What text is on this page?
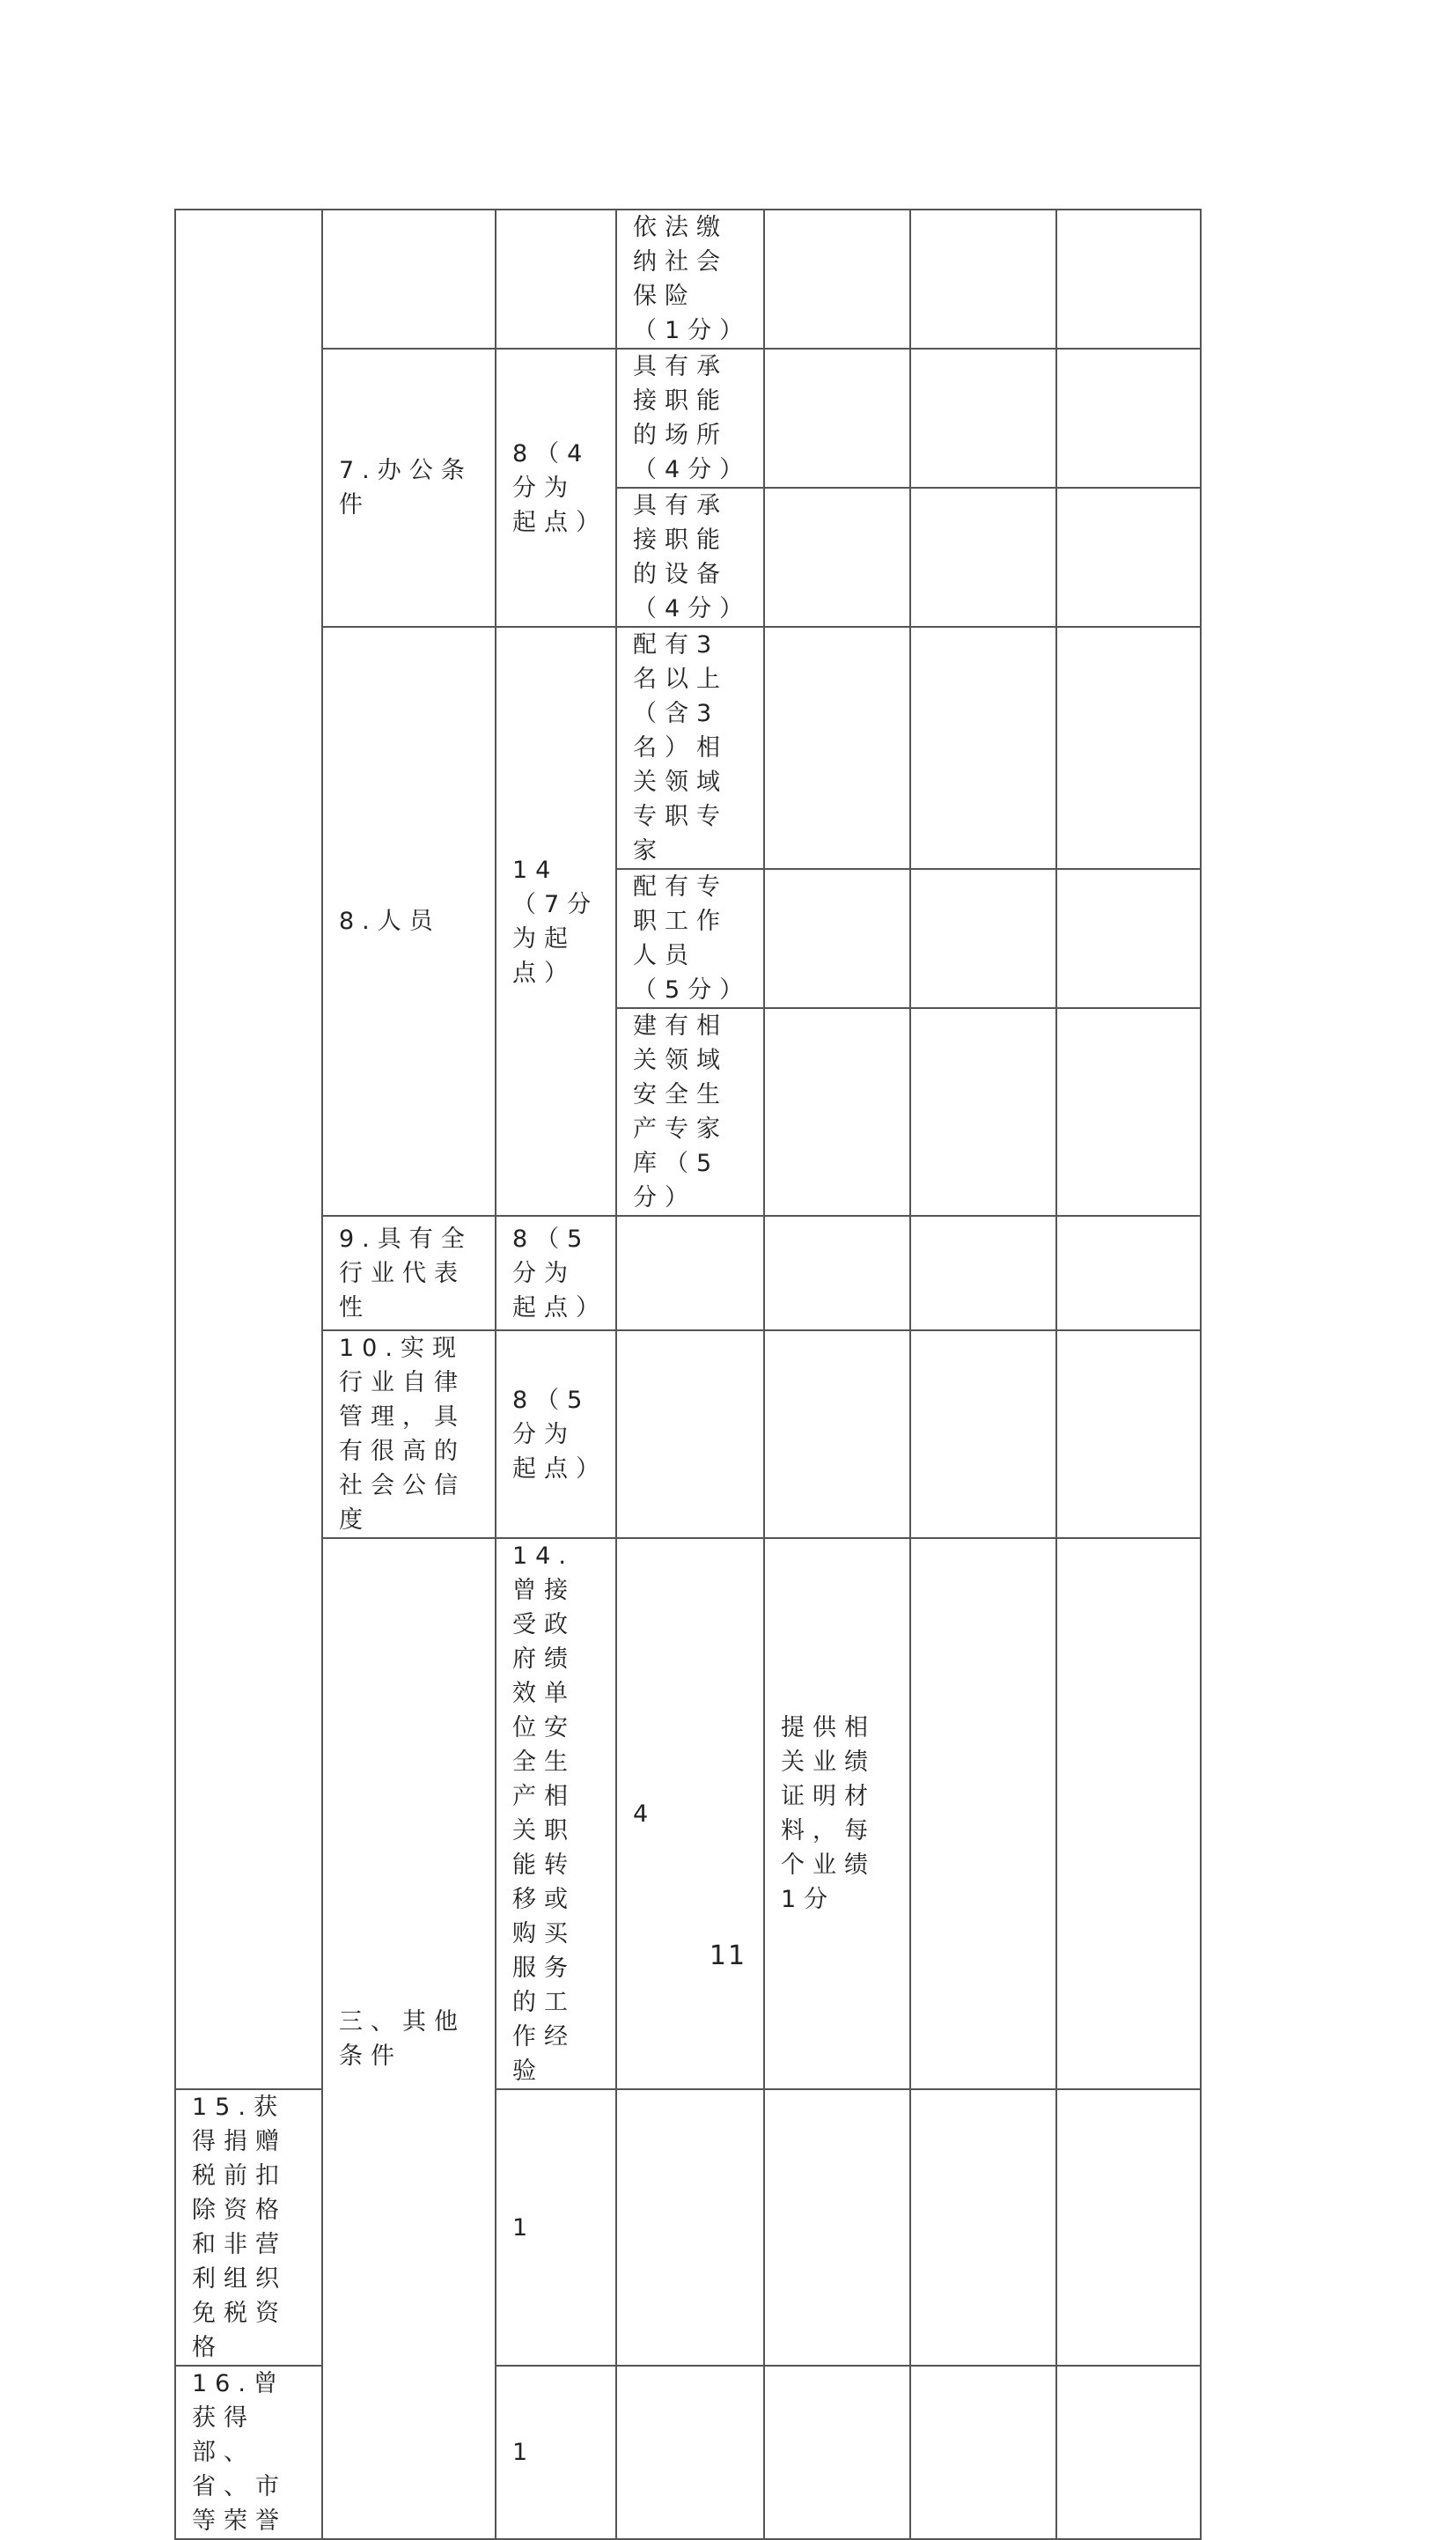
			依法缴纳社会保险（1分）				
	7.办公条件	8（4分为起点）	具有承接职能的场所（4分）				
			具有承接职能的设备（4分）				
	8.人员	14（7分为起点）	配有3名以上（含3名）相关领域专职专家				
			配有专职工作人员（5分）				
			建有相关领域安全生产专家库（5分）				
	9.具有全行业代表性	8（5分为起点）					
	10.实现行业自律管理，具有很高的社会公信度	8（5分为起点）					
	三、其他条件	14.曾接受政府绩效单位安全生产相关职能转移或购买服务的工作经验	4	提供相关业绩证明材料，每个业绩1分			
15.获得捐赠税前扣除资格和非营利组织免税资格		1					
16.曾获得部、省、市等荣誉		1					
11
